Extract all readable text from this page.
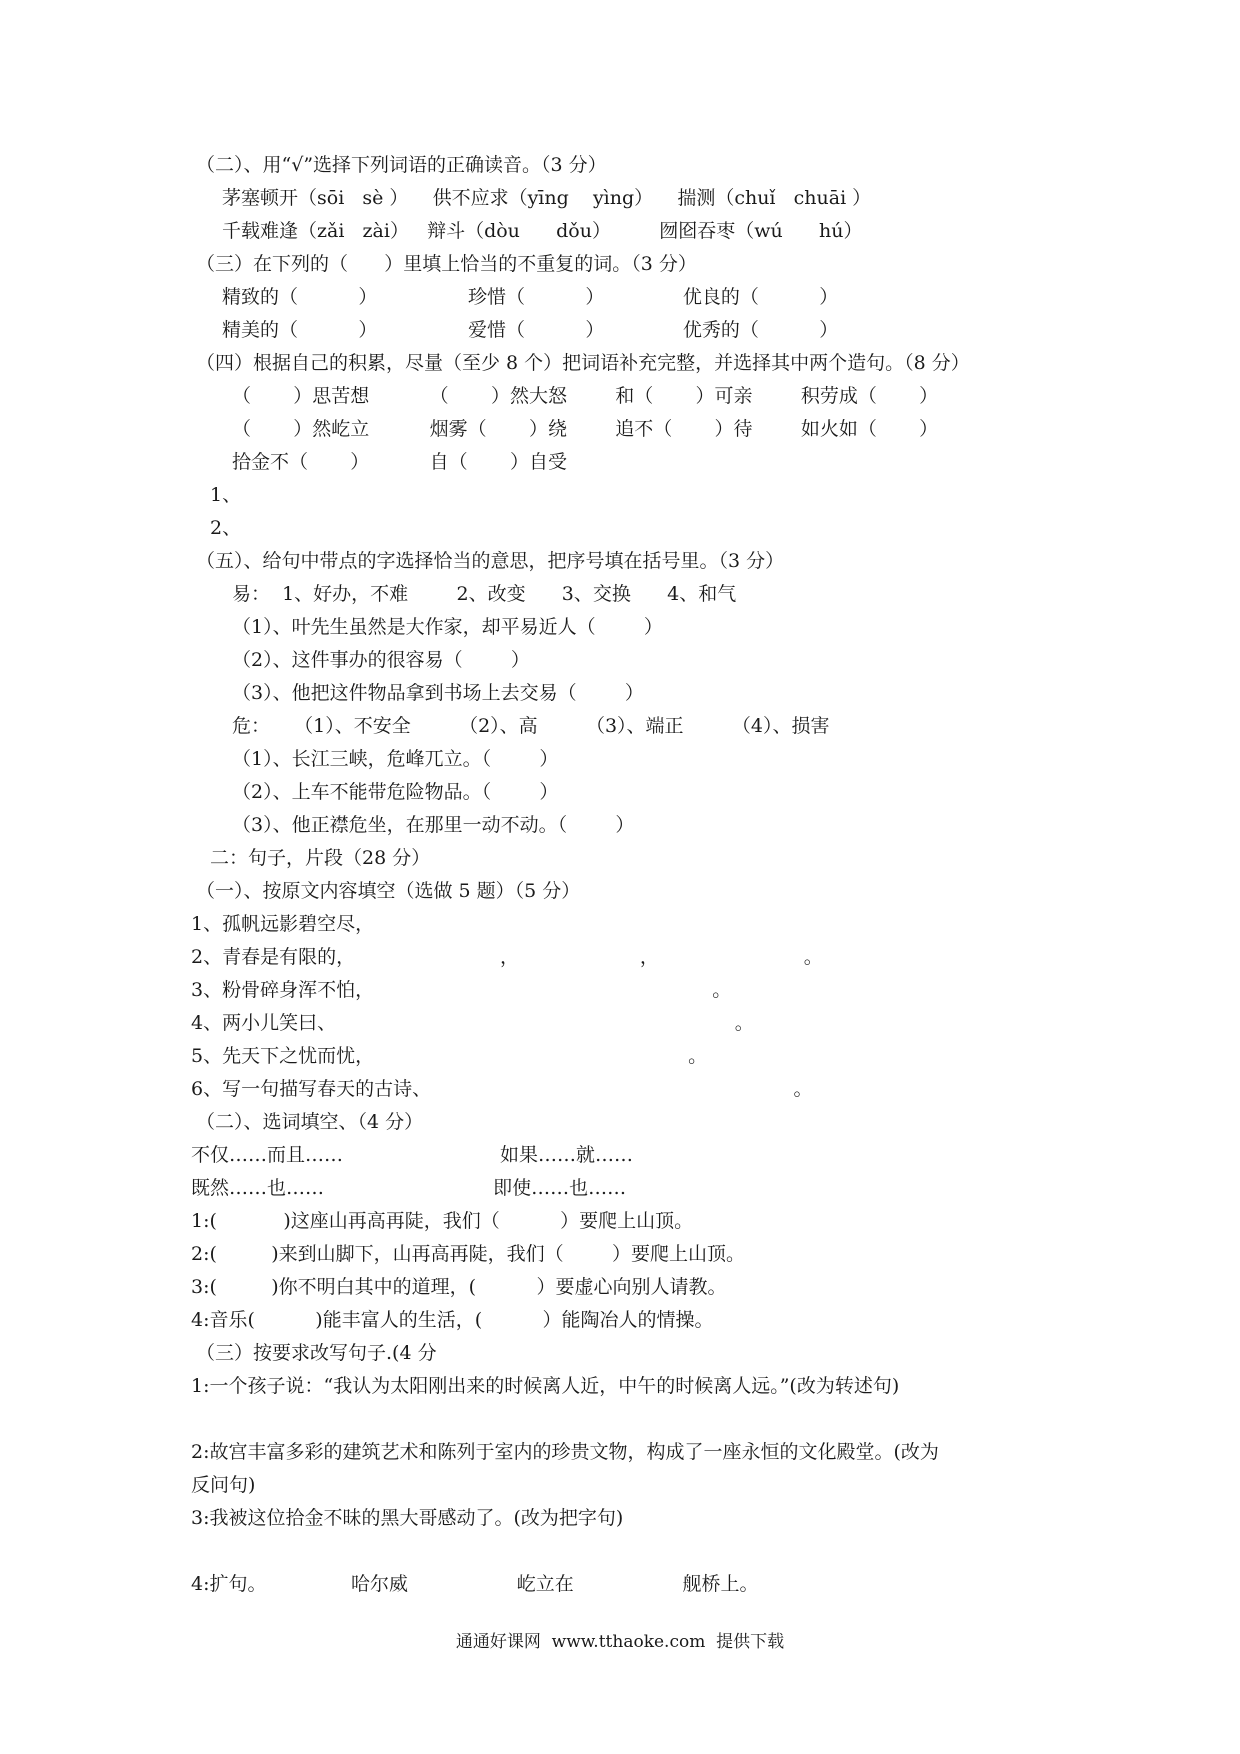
（二）、用“√”选择下列词语的正确读音。（3 分）
茅塞顿开（sōi   sè ）    供不应求（yīng    yìng）    揣测（chuǐ   chuāi ）
千载难逢（zǎi   zài）   辩斗（dòu      dǒu）        囫囵吞枣（wú      hú）
（三）在下列的（      ）里填上恰当的不重复的词。（3 分）
精致的（          ）               珍惜（          ）             优良的（          ）
精美的（          ）               爱惜（          ）             优秀的（          ）
（四）根据自己的积累，尽量（至少 8 个）把词语补充完整，并选择其中两个造句。（8 分）
（       ）思苦想          （       ）然大怒        和（       ）可亲        积劳成（       ）
（       ）然屹立          烟雾（       ）绕        追不（       ）待        如火如（       ）
拾金不（       ）          自（       ）自受
1、
2、
（五）、给句中带点的字选择恰当的意思，把序号填在括号里。（3 分）
易：  1、好办，不难        2、改变      3、交换      4、和气
（1）、叶先生虽然是大作家，却平易近人（        ）
（2）、这件事办的很容易（        ）
（3）、他把这件物品拿到书场上去交易（        ）
危：    （1）、不安全        （2）、高        （3）、端正        （4）、损害
（1）、长江三峡，危峰兀立。（        ）
（2）、上车不能带危险物品。（        ）
（3）、他正襟危坐，在那里一动不动。（        ）
二：句子，片段（28 分）
（一）、按原文内容填空（选做 5 题）（5 分）
1、孤帆远影碧空尽，
2、青春是有限的，                        ，                    ，                        。
3、粉骨碎身浑不怕，                                                        。
4、两小儿笑曰、                                                                  。
5、先天下之忧而忧，                                                    。
6、写一句描写春天的古诗、                                                            。
（二）、选词填空、（4 分）
不仅……而且……                          如果……就……
既然……也……                            即使……也……
1:(           )这座山再高再陡，我们（          ）要爬上山顶。
2:(         )来到山脚下，山再高再陡，我们（        ）要爬上山顶。
3:(         )你不明白其中的道理，(          ）要虚心向别人请教。
4:音乐(          )能丰富人的生活，(          ）能陶冶人的情操。
（三）按要求改写句子.(4 分
1:一个孩子说：“我认为太阳刚出来的时候离人近，中午的时候离人远。”(改为转述句)
2:故宫丰富多彩的建筑艺术和陈列于室内的珍贵文物，构成了一座永恒的文化殿堂。(改为
反问句)
3:我被这位拾金不昧的黑大哥感动了。(改为把字句)
4:扩句。              哈尔威                  屹立在                  舰桥上。
通通好课网  www.tthaoke.com  提供下载
